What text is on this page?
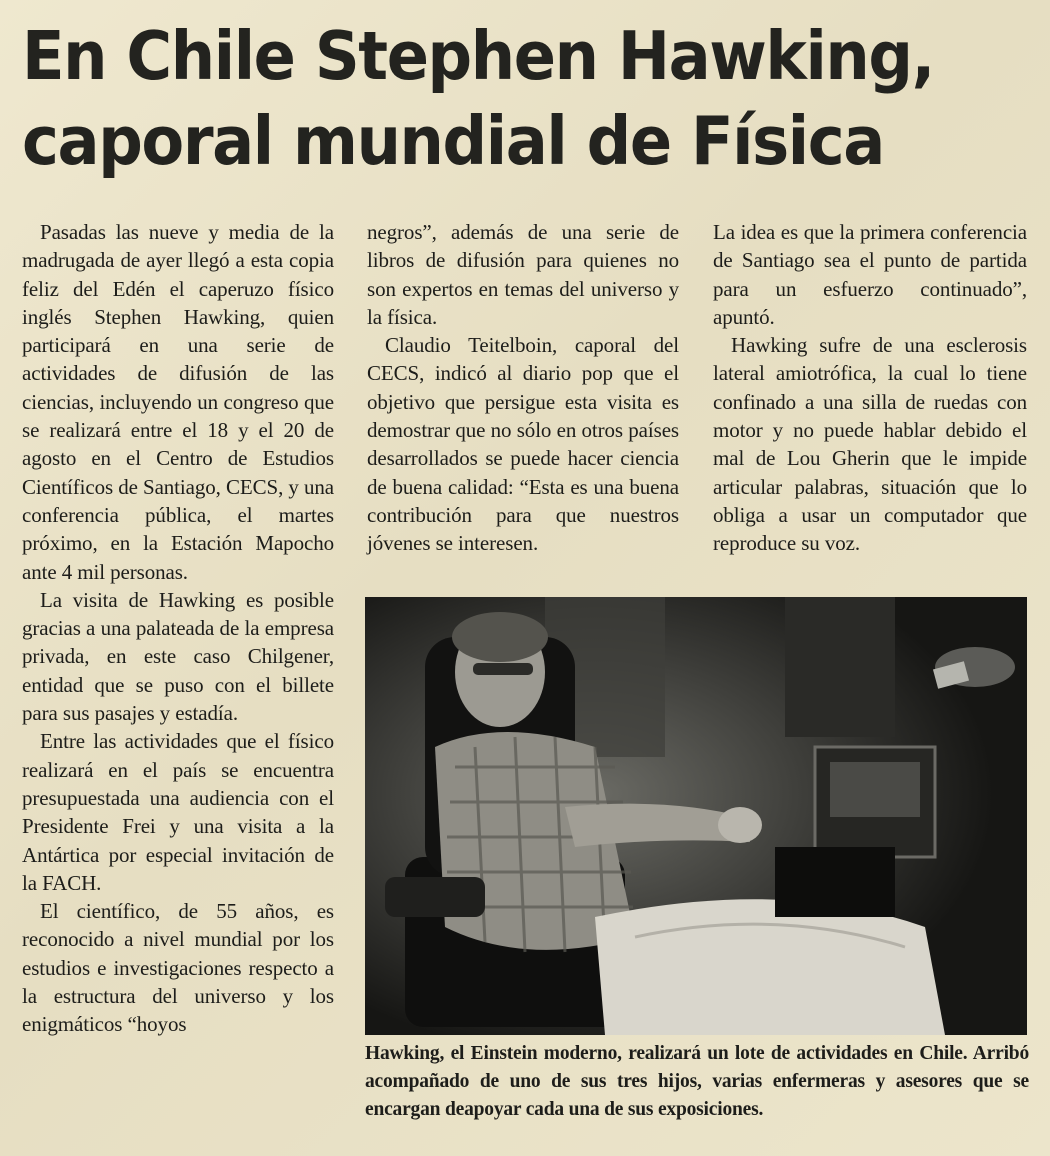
En Chile Stephen Hawking,
caporal mundial de Física

Pasadas las nueve y media de la madrugada de ayer llegó a esta copia feliz del Edén el caperuzo físico inglés Stephen Hawking, quien participará en una serie de actividades de difusión de las ciencias, incluyendo un congreso que se realizará entre el 18 y el 20 de agosto en el Centro de Estudios Científicos de Santiago, CECS, y una conferencia pública, el martes próximo, en la Estación Mapocho ante 4 mil personas.

La visita de Hawking es posible gracias a una palateada de la empresa privada, en este caso Chilgener, entidad que se puso con el billete para sus pasajes y estadía.

Entre las actividades que el físico realizará en el país se encuentra presupuestada una audiencia con el Presidente Frei y una visita a la Antártica por especial invitación de la FACH.

El científico, de 55 años, es reconocido a nivel mundial por los estudios e investigaciones respecto a la estructura del universo y los enigmáticos “hoyos

negros”, además de una serie de libros de difusión para quienes no son expertos en temas del universo y la física.

Claudio Teitelboin, caporal del CECS, indicó al diario pop que el objetivo que persigue esta visita es demostrar que no sólo en otros países desarrollados se puede hacer ciencia de buena calidad: “Esta es una buena contribución para que nuestros jóvenes se interesen.

La idea es que la primera conferencia de Santiago sea el punto de partida para un esfuerzo continuado”, apuntó.

Hawking sufre de una esclerosis lateral amiotrófica, la cual lo tiene confinado a una silla de ruedas con motor y no puede hablar debido el mal de Lou Gherin que le impide articular palabras, situación que lo obliga a usar un computador que reproduce su voz.

Hawking, el Einstein moderno, realizará un lote de actividades en Chile. Arribó acompañado de uno de sus tres hijos, varias enfermeras y asesores que se encargan deapoyar cada una de sus exposiciones.
